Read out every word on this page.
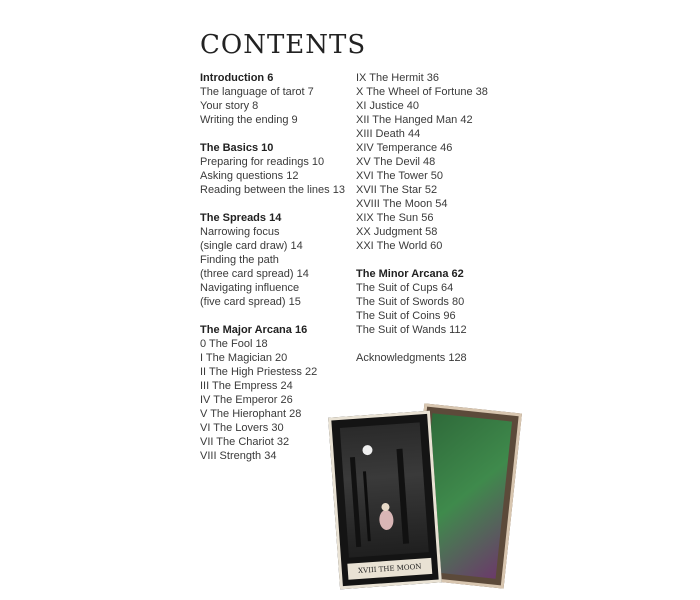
CONTENTS
Introduction 6
The language of tarot 7
Your story 8
Writing the ending 9
The Basics 10
Preparing for readings 10
Asking questions 12
Reading between the lines 13
The Spreads 14
Narrowing focus
(single card draw) 14
Finding the path
(three card spread) 14
Navigating influence
(five card spread) 15
The Major Arcana 16
0 The Fool 18
I The Magician 20
II The High Priestess 22
III The Empress 24
IV The Emperor 26
V The Hierophant 28
VI The Lovers 30
VII The Chariot 32
VIII Strength 34
IX The Hermit 36
X The Wheel of Fortune 38
XI Justice 40
XII The Hanged Man 42
XIII Death 44
XIV Temperance 46
XV The Devil 48
XVI The Tower 50
XVII The Star 52
XVIII The Moon 54
XIX The Sun 56
XX Judgment 58
XXI The World 60
The Minor Arcana 62
The Suit of Cups 64
The Suit of Swords 80
The Suit of Coins 96
The Suit of Wands 112
Acknowledgments 128
XVIII THE MOON
